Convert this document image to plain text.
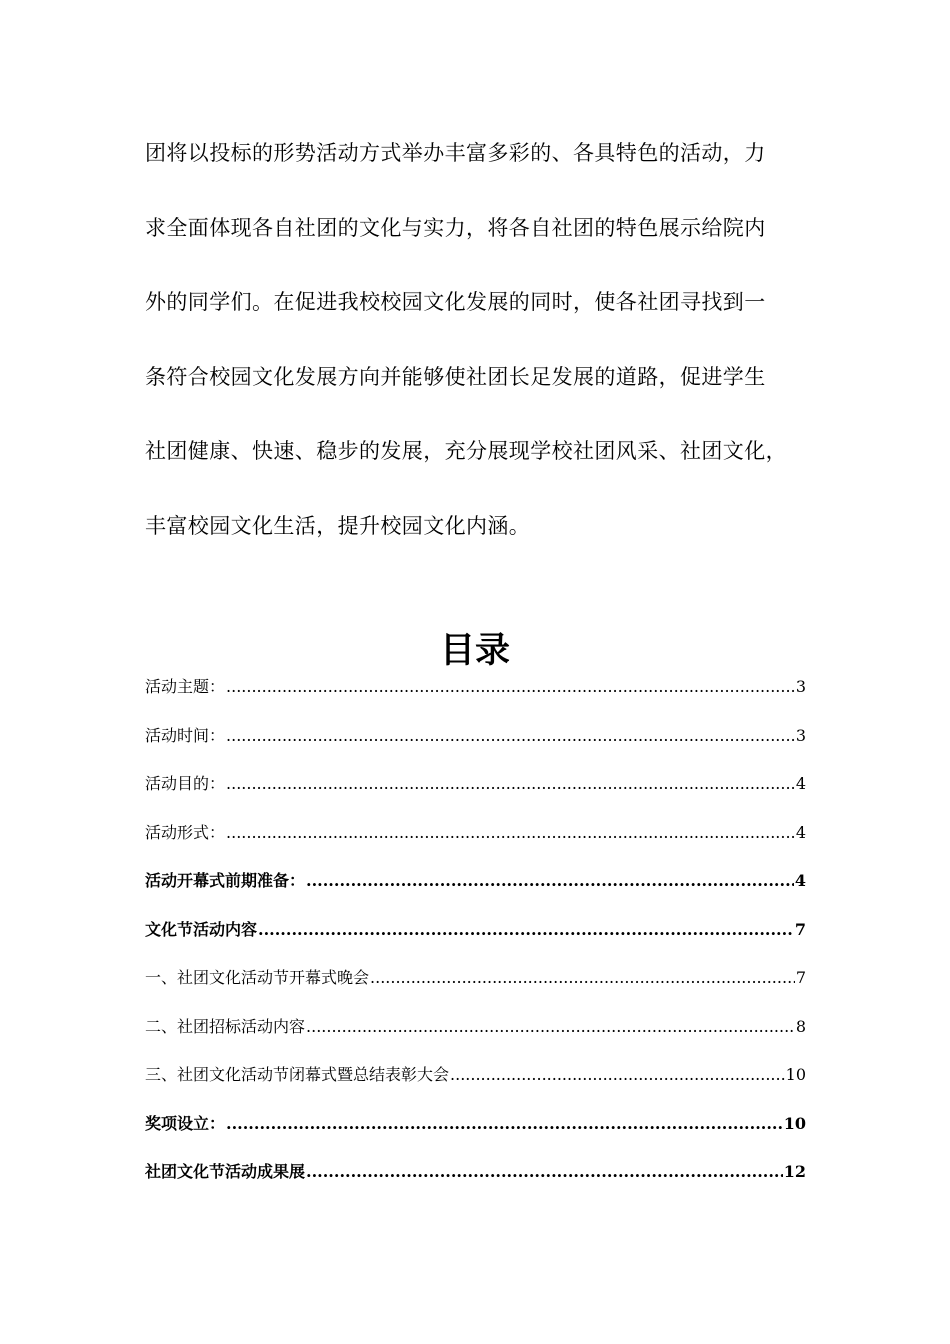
团将以投标的形势活动方式举办丰富多彩的、各具特色的活动，力
求全面体现各自社团的文化与实力，将各自社团的特色展示给院内
外的同学们。在促进我校校园文化发展的同时，使各社团寻找到一
条符合校园文化发展方向并能够使社团长足发展的道路，促进学生
社团健康、快速、稳步的发展，充分展现学校社团风采、社团文化，
丰富校园文化生活，提升校园文化内涵。
目录
活动主题： .....	3
活动时间： .....	3
活动目的： .....	4
活动形式： .....	4
活动开幕式前期准备： .....	4
文化节活动内容 .....	7
一、社团文化活动节开幕式晚会 .....	7
二、社团招标活动内容 .....	8
三、社团文化活动节闭幕式暨总结表彰大会 .....	10
奖项设立： .....	10
社团文化节活动成果展 .....	12
